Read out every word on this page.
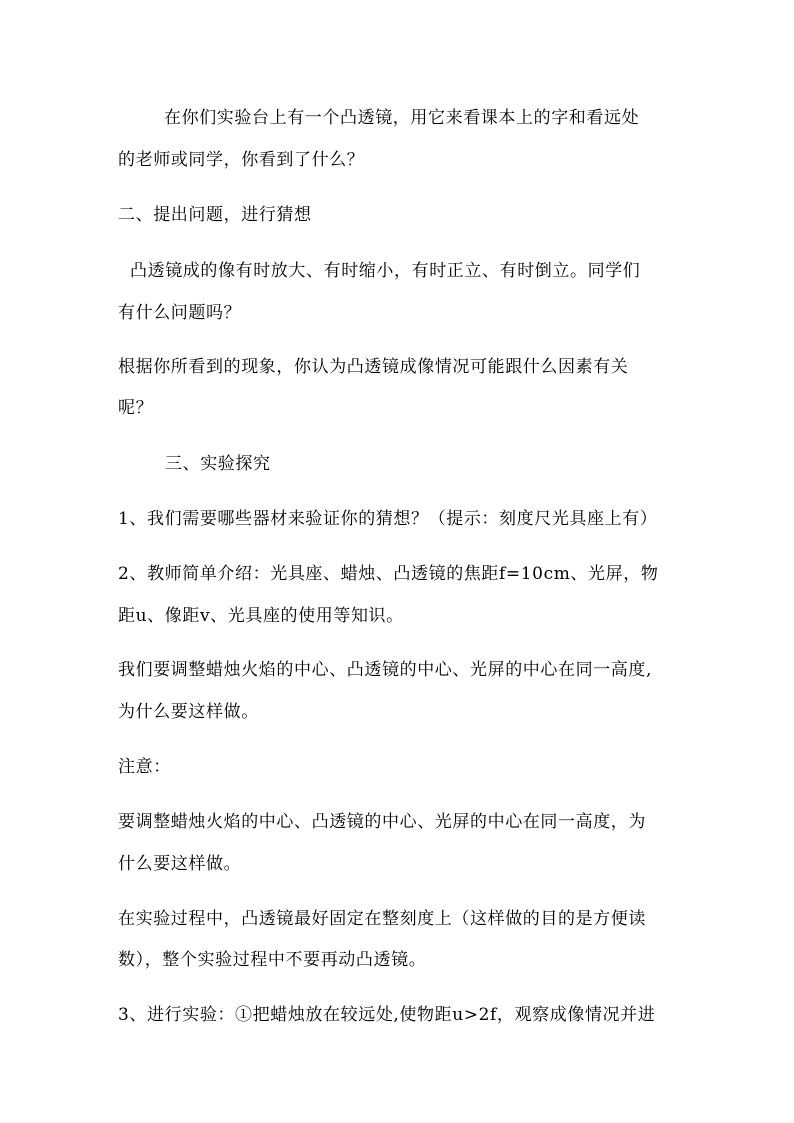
在你们实验台上有一个凸透镜，用它来看课本上的字和看远处
的老师或同学，你看到了什么？
二、提出问题，进行猜想
凸透镜成的像有时放大、有时缩小，有时正立、有时倒立。同学们
有什么问题吗？
根据你所看到的现象，你认为凸透镜成像情况可能跟什么因素有关
呢？
三、实验探究
1、我们需要哪些器材来验证你的猜想？（提示：刻度尺光具座上有）
2、教师简单介绍：光具座、蜡烛、凸透镜的焦距f=10cm、光屏，物
距u、像距v、光具座的使用等知识。
我们要调整蜡烛火焰的中心、凸透镜的中心、光屏的中心在同一高度,
为什么要这样做。
注意：
要调整蜡烛火焰的中心、凸透镜的中心、光屏的中心在同一高度，为
什么要这样做。
在实验过程中，凸透镜最好固定在整刻度上（这样做的目的是方便读
数），整个实验过程中不要再动凸透镜。
3、进行实验：①把蜡烛放在较远处,使物距u>2f，观察成像情况并进
